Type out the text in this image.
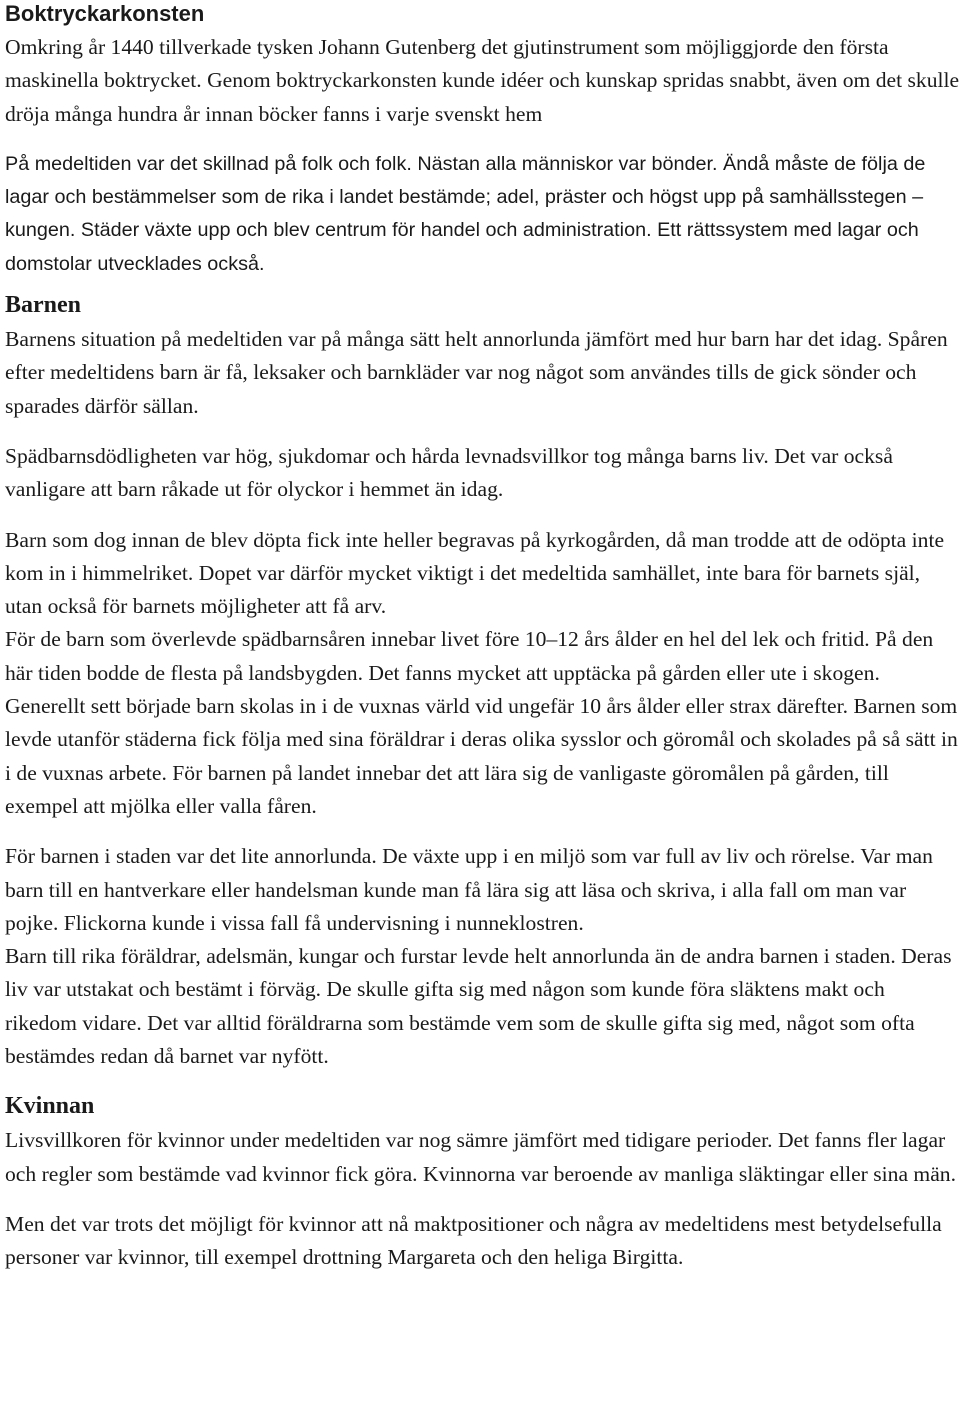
Boktryckarkonsten

Omkring år 1440 tillverkade tysken Johann Gutenberg det gjutinstrument som möjliggjorde den första maskinella boktrycket. Genom boktryckarkonsten kunde idéer och kunskap spridas snabbt, även om det skulle dröja många hundra år innan böcker fanns i varje svenskt hem

På medeltiden var det skillnad på folk och folk. Nästan alla människor var bönder. Ändå måste de följa de lagar och bestämmelser som de rika i landet bestämde; adel, präster och högst upp på samhällsstegen – kungen. Städer växte upp och blev centrum för handel och administration. Ett rättssystem med lagar och domstolar utvecklades också.

Barnen

Barnens situation på medeltiden var på många sätt helt annorlunda jämfört med hur barn har det idag. Spåren efter medeltidens barn är få, leksaker och barnkläder var nog något som användes tills de gick sönder och sparades därför sällan.

Spädbarnsdödligheten var hög, sjukdomar och hårda levnadsvillkor tog många barns liv. Det var också vanligare att barn råkade ut för olyckor i hemmet än idag.

Barn som dog innan de blev döpta fick inte heller begravas på kyrkogården, då man trodde att de odöpta inte kom in i himmelriket. Dopet var därför mycket viktigt i det medeltida samhället, inte bara för barnets själ, utan också för barnets möjligheter att få arv.

För de barn som överlevde spädbarnsåren innebar livet före 10–12 års ålder en hel del lek och fritid. På den här tiden bodde de flesta på landsbygden. Det fanns mycket att upptäcka på gården eller ute i skogen. Generellt sett började barn skolas in i de vuxnas värld vid ungefär 10 års ålder eller strax därefter. Barnen som levde utanför städerna fick följa med sina föräldrar i deras olika sysslor och göromål och skolades på så sätt in i de vuxnas arbete. För barnen på landet innebar det att lära sig de vanligaste göromålen på gården, till exempel att mjölka eller valla fåren.

För barnen i staden var det lite annorlunda. De växte upp i en miljö som var full av liv och rörelse. Var man barn till en hantverkare eller handelsman kunde man få lära sig att läsa och skriva, i alla fall om man var pojke. Flickorna kunde i vissa fall få undervisning i nunneklostren.

Barn till rika föräldrar, adelsmän, kungar och furstar levde helt annorlunda än de andra barnen i staden. Deras liv var utstakat och bestämt i förväg. De skulle gifta sig med någon som kunde föra släktens makt och rikedom vidare. Det var alltid föräldrarna som bestämde vem som de skulle gifta sig med, något som ofta bestämdes redan då barnet var nyfött.

Kvinnan

Livsvillkoren för kvinnor under medeltiden var nog sämre jämfört med tidigare perioder. Det fanns fler lagar och regler som bestämde vad kvinnor fick göra. Kvinnorna var beroende av manliga släktingar eller sina män.

Men det var trots det möjligt för kvinnor att nå maktpositioner och några av medeltidens mest betydelsefulla personer var kvinnor, till exempel drottning Margareta och den heliga Birgitta.
